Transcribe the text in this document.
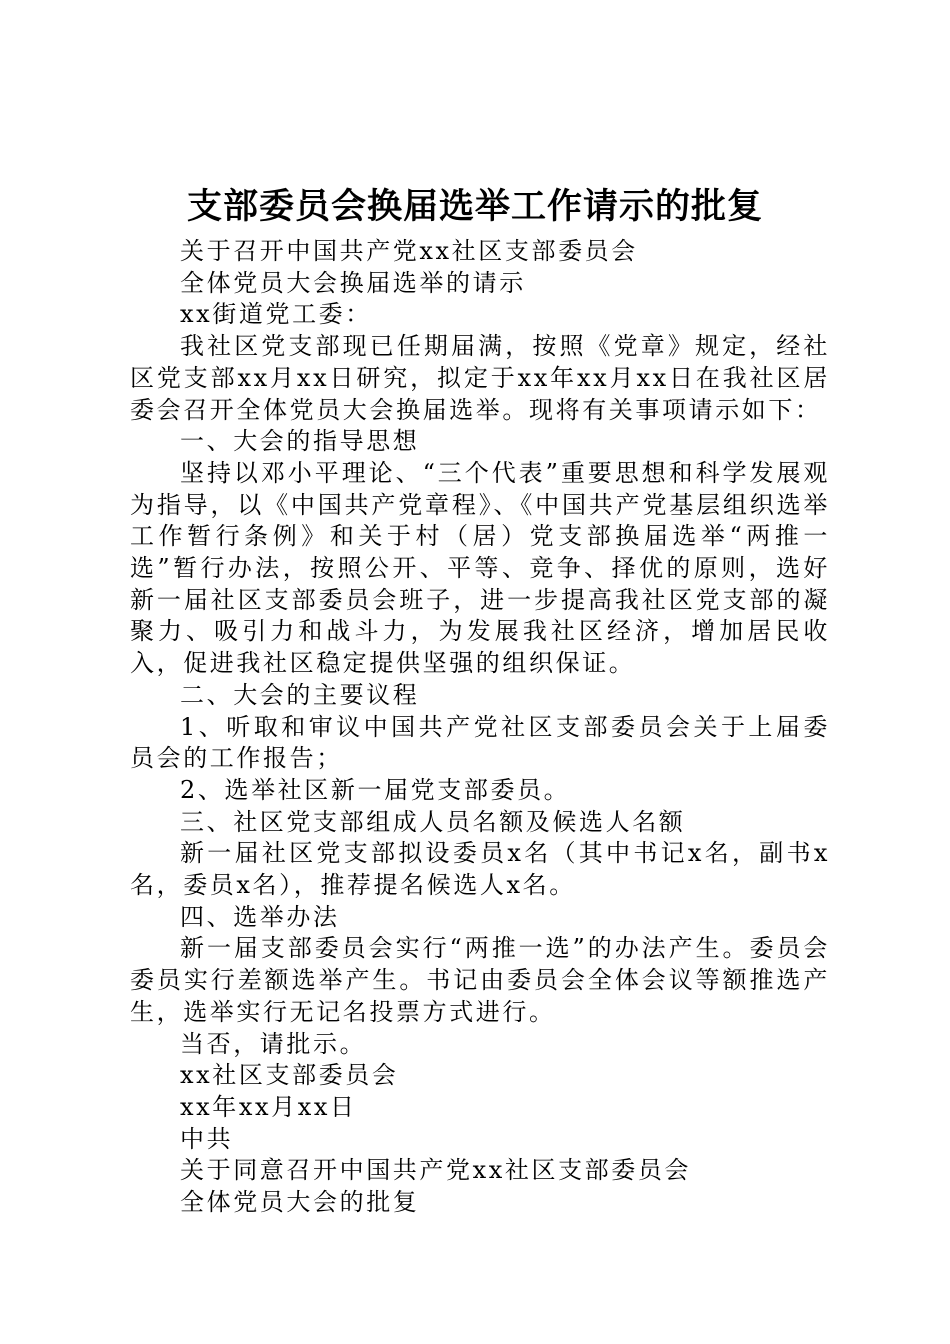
支部委员会换届选举工作请示的批复

关于召开中国共产党xx社区支部委员会

全体党员大会换届选举的请示

xx街道党工委：

我社区党支部现已任期届满，按照《党章》规定，经社区党支部xx月xx日研究，拟定于xx年xx月xx日在我社区居委会召开全体党员大会换届选举。现将有关事项请示如下：

一、大会的指导思想

坚持以邓小平理论、“三个代表”重要思想和科学发展观为指导，以《中国共产党章程》、《中国共产党基层组织选举工作暂行条例》和关于村（居）党支部换届选举“两推一选”暂行办法，按照公开、平等、竞争、择优的原则，选好新一届社区支部委员会班子，进一步提高我社区党支部的凝聚力、吸引力和战斗力，为发展我社区经济，增加居民收入，促进我社区稳定提供坚强的组织保证。

二、大会的主要议程

1、听取和审议中国共产党社区支部委员会关于上届委员会的工作报告；

2、选举社区新一届党支部委员。

三、社区党支部组成人员名额及候选人名额

新一届社区党支部拟设委员x名（其中书记x名，副书x名，委员x名），推荐提名候选人x名。

四、选举办法

新一届支部委员会实行“两推一选”的办法产生。委员会委员实行差额选举产生。书记由委员会全体会议等额推选产生，选举实行无记名投票方式进行。

当否，请批示。

xx社区支部委员会

xx年xx月xx日

中共

关于同意召开中国共产党xx社区支部委员会

全体党员大会的批复
